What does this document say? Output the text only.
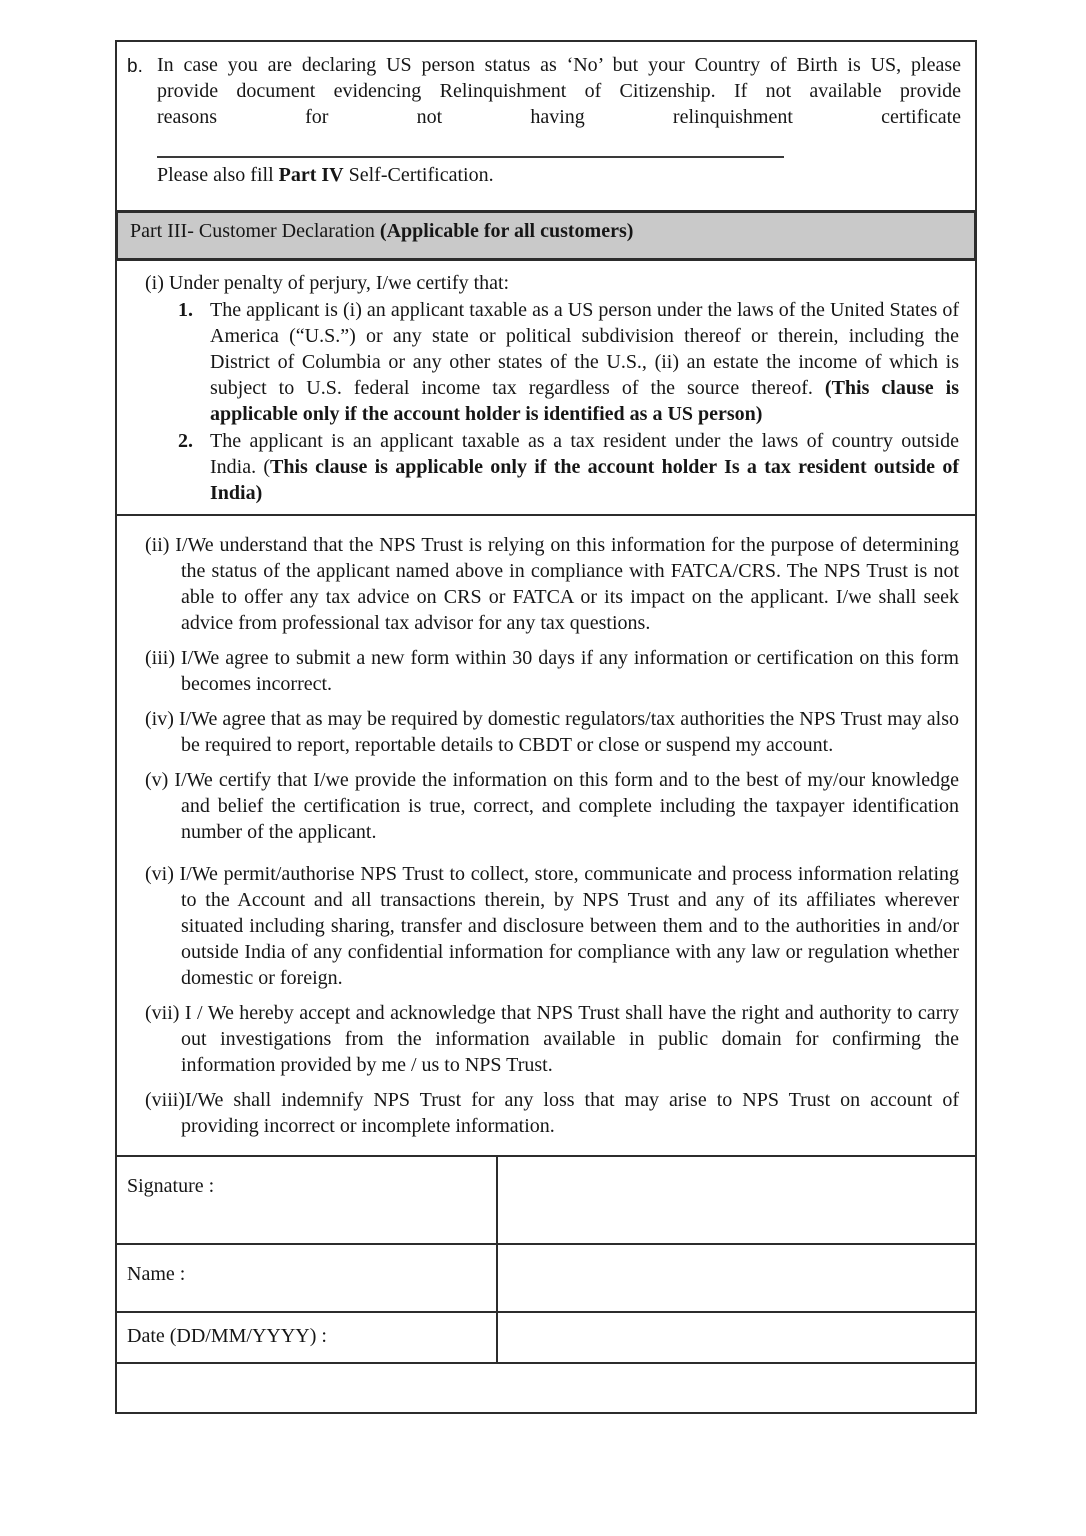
b. In case you are declaring US person status as ‘No’ but your Country of Birth is US, please
provide document evidencing Relinquishment of Citizenship. If not available provide
reasons for not having relinquishment certificate
Please also fill Part IV Self-Certification.
Part III- Customer Declaration (Applicable for all customers)
(i) Under penalty of perjury, I/we certify that:
1. The applicant is (i) an applicant taxable as a US person under the laws of the United States of America (“U.S.”) or any state or political subdivision thereof or therein, including the District of Columbia or any other states of the U.S., (ii) an estate the income of which is subject to U.S. federal income tax regardless of the source thereof. (This clause is applicable only if the account holder is identified as a US person)
2. The applicant is an applicant taxable as a tax resident under the laws of country outside India. (This clause is applicable only if the account holder Is a tax resident outside of India)
(ii) I/We understand that the NPS Trust is relying on this information for the purpose of determining the status of the applicant named above in compliance with FATCA/CRS. The NPS Trust is not able to offer any tax advice on CRS or FATCA or its impact on the applicant. I/we shall seek advice from professional tax advisor for any tax questions.
(iii) I/We agree to submit a new form within 30 days if any information or certification on this form becomes incorrect.
(iv) I/We agree that as may be required by domestic regulators/tax authorities the NPS Trust may also be required to report, reportable details to CBDT or close or suspend my account.
(v) I/We certify that I/we provide the information on this form and to the best of my/our knowledge and belief the certification is true, correct, and complete including the taxpayer identification number of the applicant.
(vi) I/We permit/authorise NPS Trust to collect, store, communicate and process information relating to the Account and all transactions therein, by NPS Trust and any of its affiliates wherever situated including sharing, transfer and disclosure between them and to the authorities in and/or outside India of any confidential information for compliance with any law or regulation whether domestic or foreign.
(vii) I / We hereby accept and acknowledge that NPS Trust shall have the right and authority to carry out investigations from the information available in public domain for confirming the information provided by me / us to NPS Trust.
(viii)I/We shall indemnify NPS Trust for any loss that may arise to NPS Trust on account of providing incorrect or incomplete information.
Signature :	
Name :	
Date (DD/MM/YYYY) :	
